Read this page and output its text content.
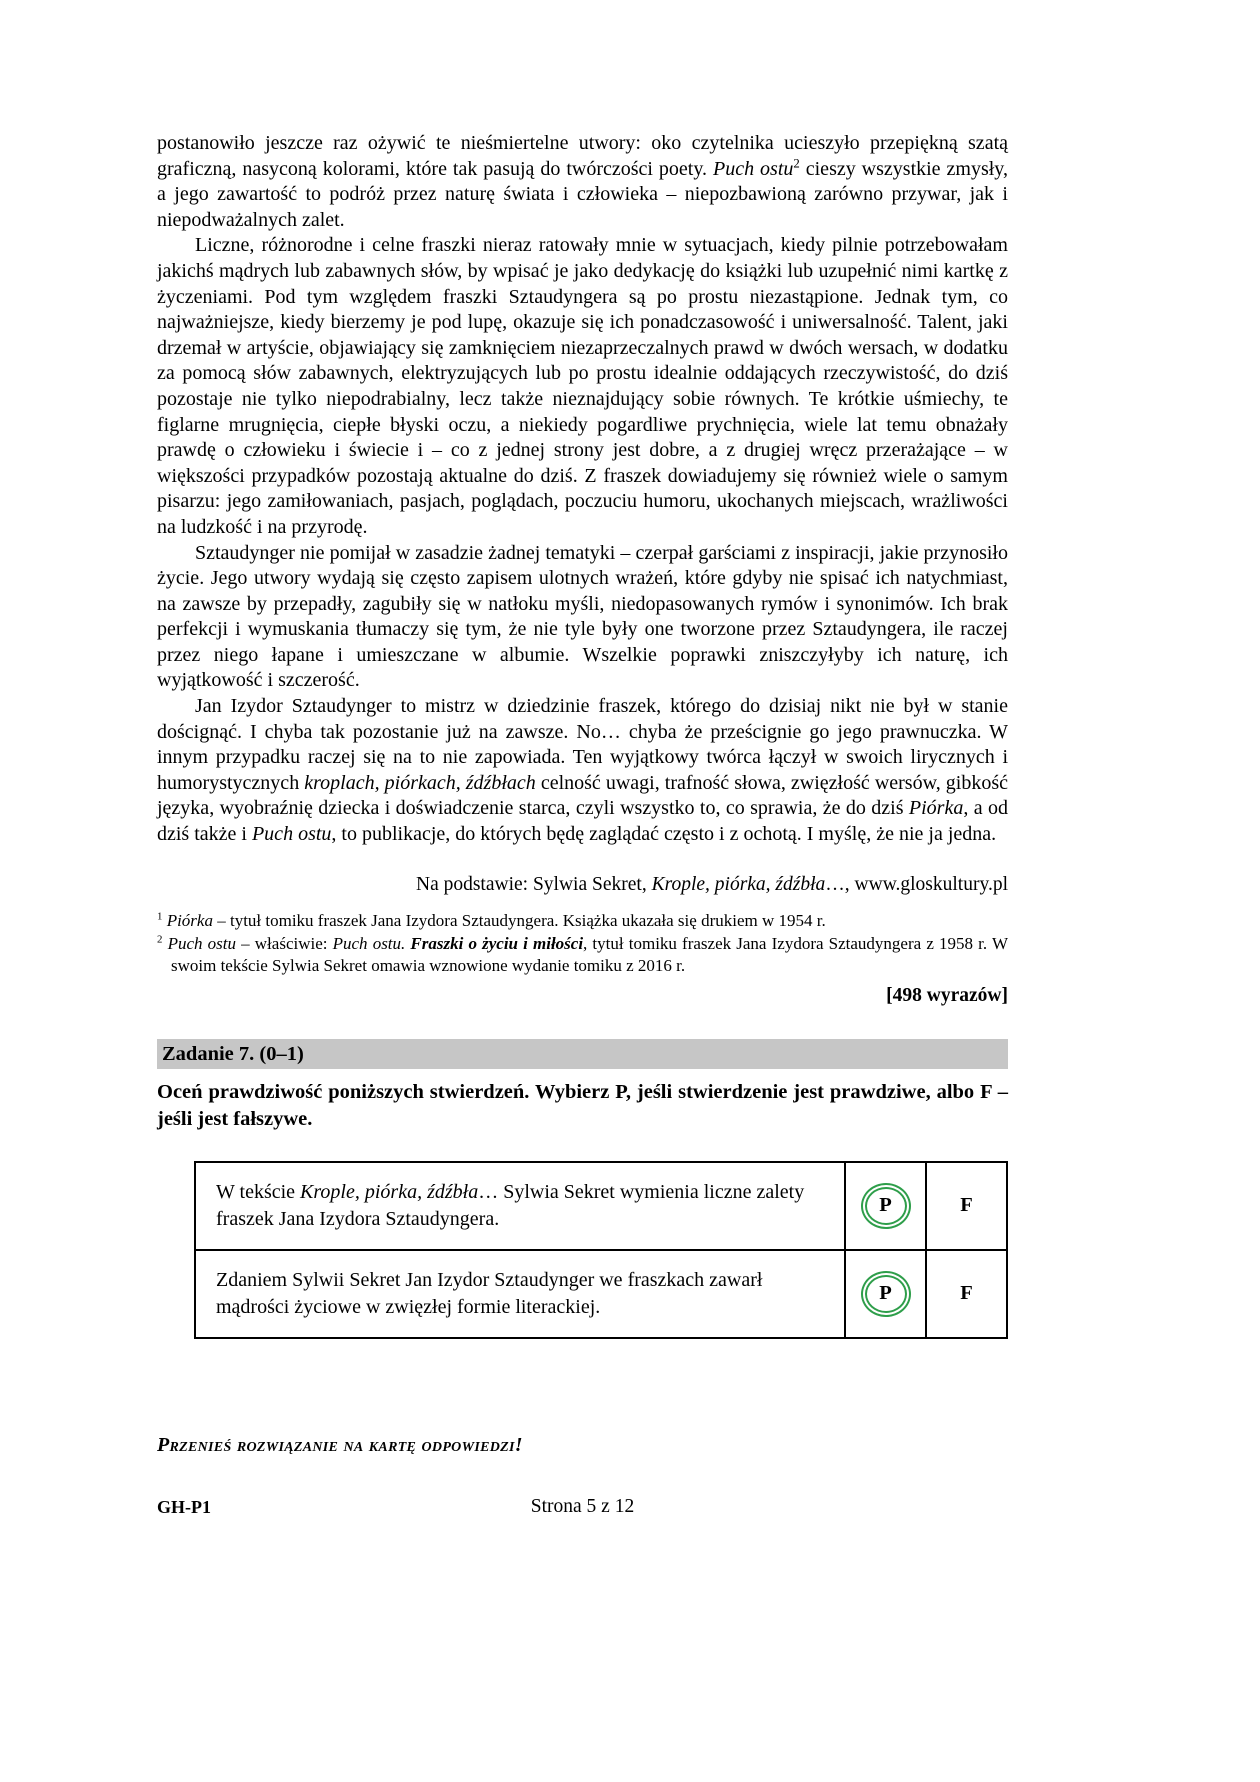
postanowiło jeszcze raz ożywić te nieśmiertelne utwory: oko czytelnika ucieszyło przepiękną szatą graficzną, nasyconą kolorami, które tak pasują do twórczości poety. Puch ostu$^2$ cieszy wszystkie zmysły, a jego zawartość to podróż przez naturę świata i człowieka – niepozbawioną zarówno przywar, jak i niepodważalnych zalet.

Liczne, różnorodne i celne fraszki nieraz ratowały mnie w sytuacjach, kiedy pilnie potrzebowałam jakichś mądrych lub zabawnych słów, by wpisać je jako dedykację do książki lub uzupełnić nimi kartkę z życzeniami. Pod tym względem fraszki Sztaudyngera są po prostu niezastąpione. Jednak tym, co najważniejsze, kiedy bierzemy je pod lupę, okazuje się ich ponadczasowość i uniwersalność. Talent, jaki drzemał w artyście, objawiający się zamknięciem niezaprzeczalnych prawd w dwóch wersach, w dodatku za pomocą słów zabawnych, elektryzujących lub po prostu idealnie oddających rzeczywistość, do dziś pozostaje nie tylko niepodrabialny, lecz także nieznajdujący sobie równych. Te krótkie uśmiechy, te figlarne mrugnięcia, ciepłe błyski oczu, a niekiedy pogardliwe prychnięcia, wiele lat temu obnażały prawdę o człowieku i świecie i – co z jednej strony jest dobre, a z drugiej wręcz przerażające – w większości przypadków pozostają aktualne do dziś. Z fraszek dowiadujemy się również wiele o samym pisarzu: jego zamiłowaniach, pasjach, poglądach, poczuciu humoru, ukochanych miejscach, wrażliwości na ludzkość i na przyrodę.

Sztaudynger nie pomijał w zasadzie żadnej tematyki – czerpał garściami z inspiracji, jakie przynosiło życie. Jego utwory wydają się często zapisem ulotnych wrażeń, które gdyby nie spisać ich natychmiast, na zawsze by przepadły, zagubiły się w natłoku myśli, niedopasowanych rymów i synonimów. Ich brak perfekcji i wymuskania tłumaczy się tym, że nie tyle były one tworzone przez Sztaudyngera, ile raczej przez niego łapane i umieszczane w albumie. Wszelkie poprawki zniszczyłyby ich naturę, ich wyjątkowość i szczerość.

Jan Izydor Sztaudynger to mistrz w dziedzinie fraszek, którego do dzisiaj nikt nie był w stanie doścignąć. I chyba tak pozostanie już na zawsze. No… chyba że prześcignie go jego prawnuczka. W innym przypadku raczej się na to nie zapowiada. Ten wyjątkowy twórca łączył w swoich lirycznych i humorystycznych kroplach, piórkach, źdźbłach celność uwagi, trafność słowa, zwięzłość wersów, gibkość języka, wyobraźnię dziecka i doświadczenie starca, czyli wszystko to, co sprawia, że do dziś Piórka, a od dziś także i Puch ostu, to publikacje, do których będę zaglądać często i z ochotą. I myślę, że nie ja jedna.

Na podstawie: Sylwia Sekret, Krople, piórka, źdźbła…, www.gloskultury.pl

$^1$ Piórka – tytuł tomiku fraszek Jana Izydora Sztaudyngera. Książka ukazała się drukiem w 1954 r.

$^2$ Puch ostu – właściwie: Puch ostu. Fraszki o życiu i miłości, tytuł tomiku fraszek Jana Izydora Sztaudyngera z 1958 r. W swoim tekście Sylwia Sekret omawia wznowione wydanie tomiku z 2016 r.

[498 wyrazów]

Zadanie 7. (0–1)

Oceń prawdziwość poniższych stwierdzeń. Wybierz P, jeśli stwierdzenie jest prawdziwe, albo F – jeśli jest fałszywe.

W tekście Krople, piórka, źdźbła… Sylwia Sekret wymienia liczne zalety fraszek Jana Izydora Sztaudyngera.	P	F

Zdaniem Sylwii Sekret Jan Izydor Sztaudynger we fraszkach zawarł mądrości życiowe w zwięzłej formie literackiej.	P	F

Przenieś rozwiązanie na kartę odpowiedzi!

GH-P1	Strona 5 z 12
